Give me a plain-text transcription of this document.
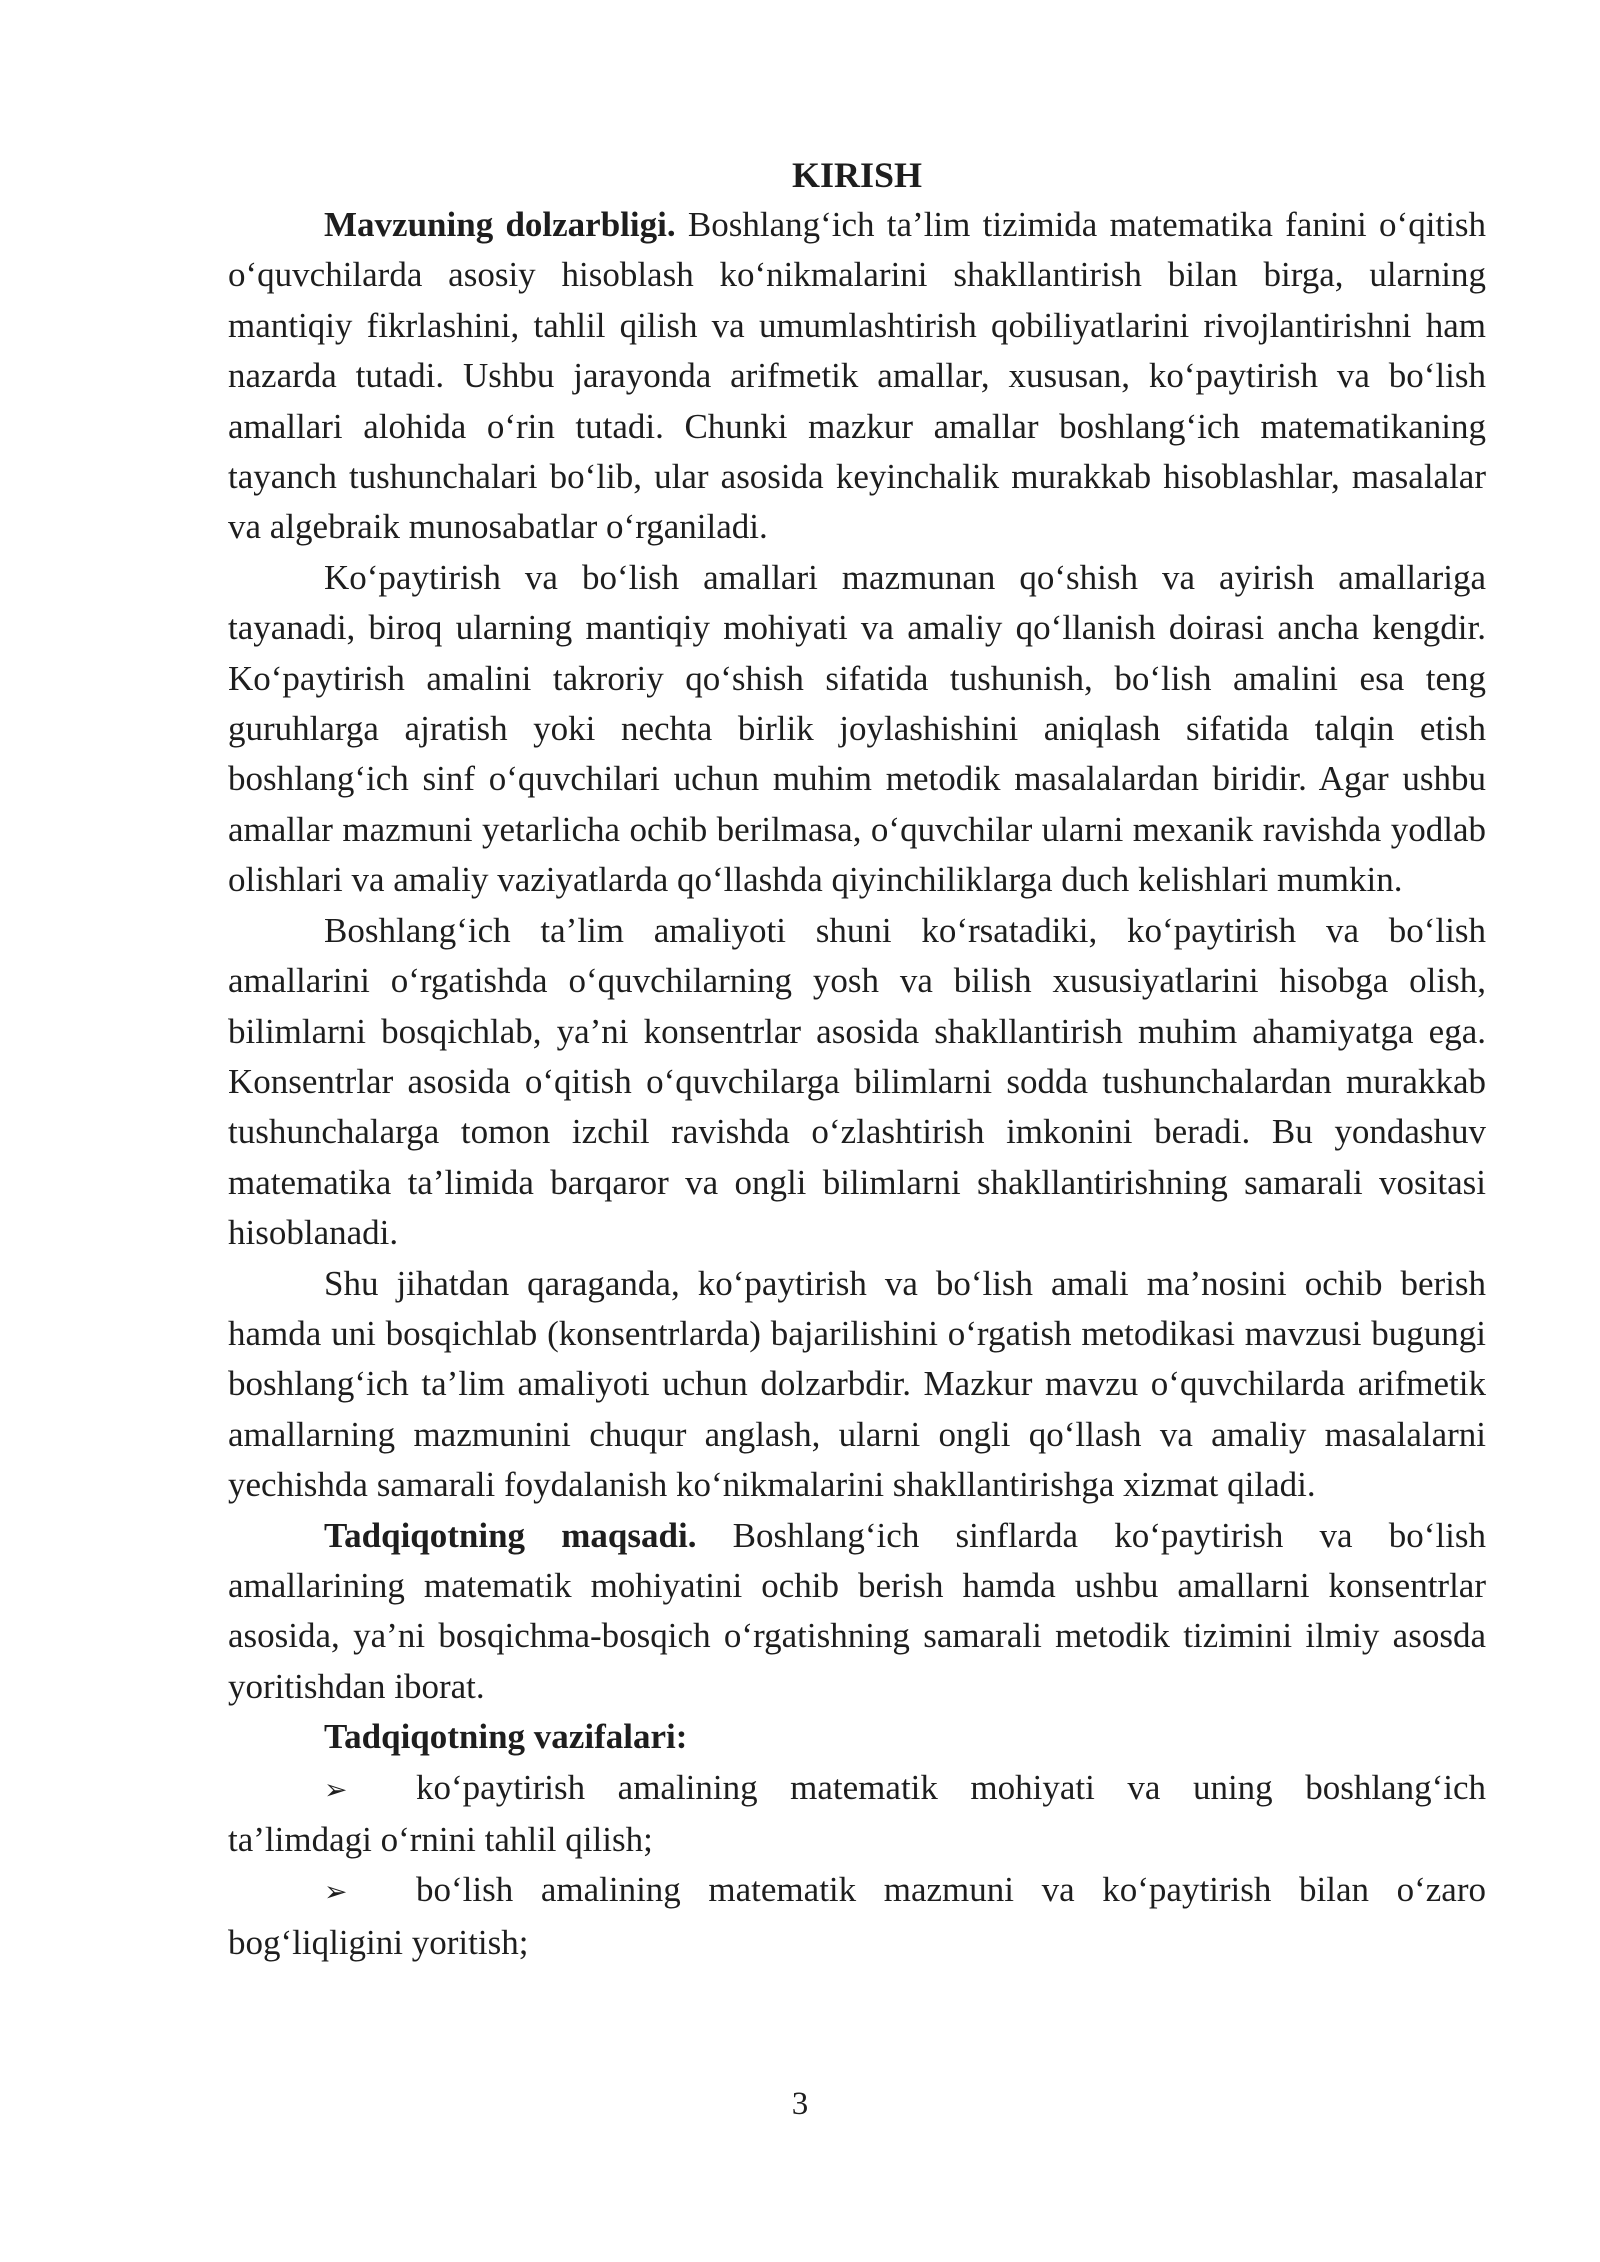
KIRISH

Mavzuning dolzarbligi. Boshlang‘ich ta’lim tizimida matematika fanini o‘qitish o‘quvchilarda asosiy hisoblash ko‘nikmalarini shakllantirish bilan birga, ularning mantiqiy fikrlashini, tahlil qilish va umumlashtirish qobiliyatlarini rivojlantirishni ham nazarda tutadi. Ushbu jarayonda arifmetik amallar, xususan, ko‘paytirish va bo‘lish amallari alohida o‘rin tutadi. Chunki mazkur amallar boshlang‘ich matematikaning tayanch tushunchalari bo‘lib, ular asosida keyinchalik murakkab hisoblashlar, masalalar va algebraik munosabatlar o‘rganiladi.

Ko‘paytirish va bo‘lish amallari mazmunan qo‘shish va ayirish amallariga tayanadi, biroq ularning mantiqiy mohiyati va amaliy qo‘llanish doirasi ancha kengdir. Ko‘paytirish amalini takroriy qo‘shish sifatida tushunish, bo‘lish amalini esa teng guruhlarga ajratish yoki nechta birlik joylashishini aniqlash sifatida talqin etish boshlang‘ich sinf o‘quvchilari uchun muhim metodik masalalardan biridir. Agar ushbu amallar mazmuni yetarlicha ochib berilmasa, o‘quvchilar ularni mexanik ravishda yodlab olishlari va amaliy vaziyatlarda qo‘llashda qiyinchiliklarga duch kelishlari mumkin.

Boshlang‘ich ta’lim amaliyoti shuni ko‘rsatadiki, ko‘paytirish va bo‘lish amallarini o‘rgatishda o‘quvchilarning yosh va bilish xususiyatlarini hisobga olish, bilimlarni bosqichlab, ya’ni konsentrlar asosida shakllantirish muhim ahamiyatga ega. Konsentrlar asosida o‘qitish o‘quvchilarga bilimlarni sodda tushunchalardan murakkab tushunchalarga tomon izchil ravishda o‘zlashtirish imkonini beradi. Bu yondashuv matematika ta’limida barqaror va ongli bilimlarni shakllantirishning samarali vositasi hisoblanadi.

Shu jihatdan qaraganda, ko‘paytirish va bo‘lish amali ma’nosini ochib berish hamda uni bosqichlab (konsentrlarda) bajarilishini o‘rgatish metodikasi mavzusi bugungi boshlang‘ich ta’lim amaliyoti uchun dolzarbdir. Mazkur mavzu o‘quvchilarda arifmetik amallarning mazmunini chuqur anglash, ularni ongli qo‘llash va amaliy masalalarni yechishda samarali foydalanish ko‘nikmalarini shakllantirishga xizmat qiladi.

Tadqiqotning maqsadi. Boshlang‘ich sinflarda ko‘paytirish va bo‘lish amallarining matematik mohiyatini ochib berish hamda ushbu amallarni konsentrlar asosida, ya’ni bosqichma-bosqich o‘rgatishning samarali metodik tizimini ilmiy asosda yoritishdan iborat.

Tadqiqotning vazifalari:

➢ ko‘paytirish amalining matematik mohiyati va uning boshlang‘ich ta’limdagi o‘rnini tahlil qilish;

➢ bo‘lish amalining matematik mazmuni va ko‘paytirish bilan o‘zaro bog‘liqligini yoritish;

3
